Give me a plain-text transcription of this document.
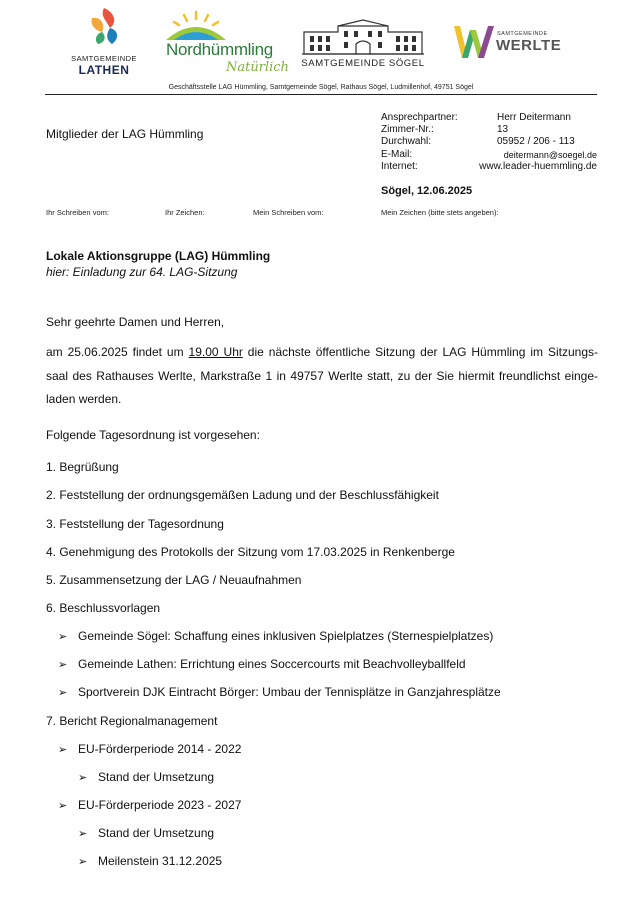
SAMTGEMEINDE
LATHEN
Nordhümmling
Natürlich	SAMTGEMEINDE SÖGEL
SAMTGEMEINDE
WERLTE
Geschäftsstelle LAG Hümmling, Samtgemeinde Sögel, Rathaus Sögel, Ludmillenhof, 49751 Sögel
Mitglieder der LAG Hümmling
Ansprechpartner:	Herr Deitermann
Zimmer-Nr.:	13
Durchwahl:	05952 / 206 - 113
E-Mail:	deitermann@soegel.de
Internet:	www.leader-huemmling.de
Sögel, 12.06.2025
Ihr Schreiben vom:	Ihr Zeichen:	Mein Schreiben vom:	Mein Zeichen (bitte stets angeben):
Lokale Aktionsgruppe (LAG) Hümmling
hier: Einladung zur 64. LAG-Sitzung
Sehr geehrte Damen und Herren,
am 25.06.2025 findet um 19.00 Uhr die nächste öffentliche Sitzung der LAG Hümmling im Sitzungs-
saal des Rathauses Werlte, Markstraße 1 in 49757 Werlte statt, zu der Sie hiermit freundlichst einge-
laden werden.
Folgende Tagesordnung ist vorgesehen:
1. Begrüßung
2. Feststellung der ordnungsgemäßen Ladung und der Beschlussfähigkeit
3. Feststellung der Tagesordnung
4. Genehmigung des Protokolls der Sitzung vom 17.03.2025 in Renkenberge
5. Zusammensetzung der LAG / Neuaufnahmen
6. Beschlussvorlagen
➢ Gemeinde Sögel: Schaffung eines inklusiven Spielplatzes (Sternespielplatzes)
➢ Gemeinde Lathen: Errichtung eines Soccercourts mit Beachvolleyballfeld
➢ Sportverein DJK Eintracht Börger: Umbau der Tennisplätze in Ganzjahresplätze
7. Bericht Regionalmanagement
➢ EU-Förderperiode 2014 - 2022
➢ Stand der Umsetzung
➢ EU-Förderperiode 2023 - 2027
➢ Stand der Umsetzung
➢ Meilenstein 31.12.2025
